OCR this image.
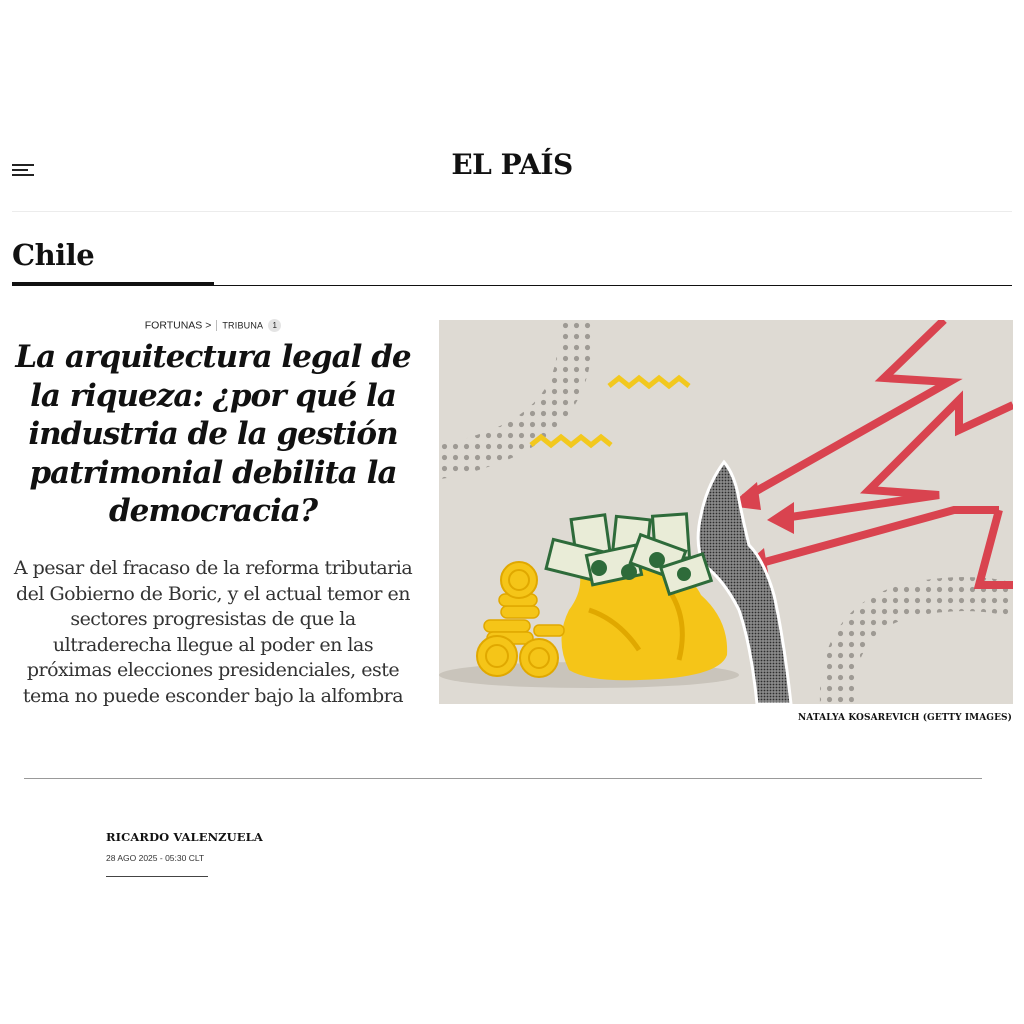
EL PAÍS
Chile
FORTUNAS > TRIBUNA 1
La arquitectura legal de la riqueza: ¿por qué la industria de la gestión patrimonial debilita la democracia?

A pesar del fracaso de la reforma tributaria del Gobierno de Boric, y el actual temor en sectores progresistas de que la ultraderecha llegue al poder en las próximas elecciones presidenciales, este tema no puede esconder bajo la alfombra

NATALYA KOSAREVICH (GETTY IMAGES)
RICARDO VALENZUELA
28 AGO 2025 - 05:30 CLT
